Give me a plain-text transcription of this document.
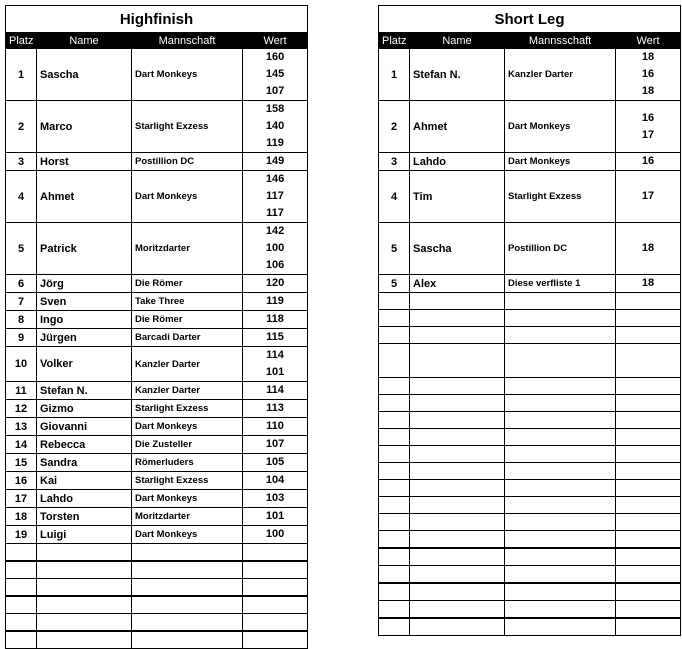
Highfinish			
Platz	Name	Mannschaft	Wert
1	Sascha	Dart Monkeys	160
145
107

2	Marco	Starlight Exzess	158
140
119

3	Horst	Postillion DC	149

4	Ahmet	Dart Monkeys	146
117
117

5	Patrick	Moritzdarter	142
100
106

6	Jörg	Die Römer	120

7	Sven	Take Three	119

8	Ingo	Die Römer	118

9	Jürgen	Barcadi Darter	115

10	Volker	Kanzler Darter	114
101

11	Stefan N.	Kanzler Darter	114

12	Gizmo	Starlight Exzess	113

13	Giovanni	Dart Monkeys	110

14	Rebecca	Die Zusteller	107

15	Sandra	Römerluders	105

16	Kai	Starlight Exzess	104

17	Lahdo	Dart Monkeys	103

18	Torsten	Moritzdarter	101

19	Luigi	Dart Monkeys	100

Short Leg			
Platz	Name	Mannsschaft	Wert
1	Stefan N.	Kanzler Darter	18
16
18

2	Ahmet	Dart Monkeys	16
17

3	Lahdo	Dart Monkeys	16

4	Tim	Starlight Exzess	17

5	Sascha	Postillion DC	18

5	Alex	Diese verfliste 1	18
